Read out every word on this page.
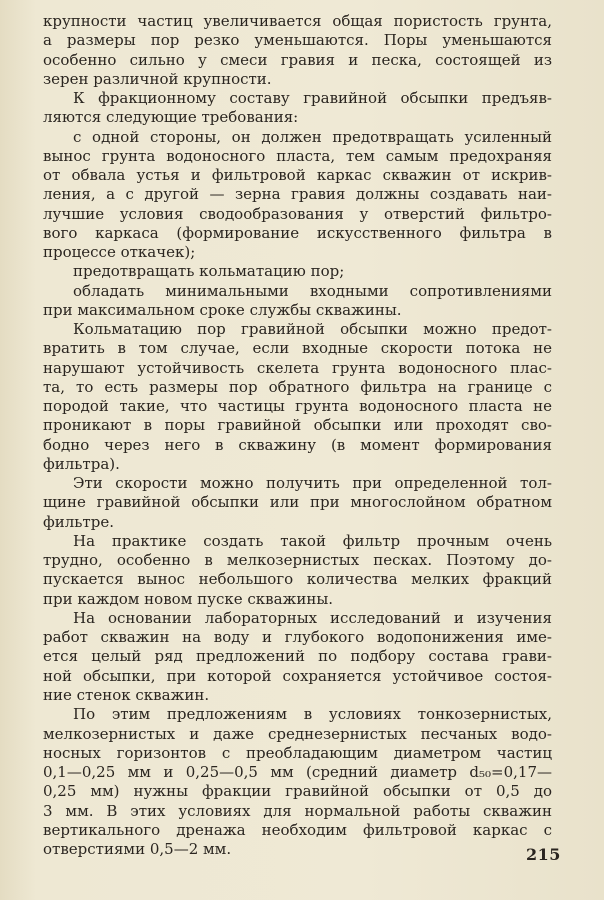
крупности частиц увеличивается общая пористость грунта,
а размеры пор резко уменьшаются. Поры уменьшаются
особенно сильно у смеси гравия и песка, состоящей из
зерен различной крупности.
К фракционному составу гравийной обсыпки предъяв-
ляются следующие требования:
с одной стороны, он должен предотвращать усиленный
вынос грунта водоносного пласта, тем самым предохраняя
от обвала устья и фильтровой каркас скважин от искрив-
ления, а с другой — зерна гравия должны создавать наи-
лучшие условия сводообразования у отверстий фильтро-
вого каркаса (формирование искусственного фильтра в
процессе откачек);
предотвращать кольматацию пор;
обладать минимальными входными сопротивлениями
при максимальном сроке службы скважины.
Кольматацию пор гравийной обсыпки можно предот-
вратить в том случае, если входные скорости потока не
нарушают устойчивость скелета грунта водоносного плас-
та, то есть размеры пор обратного фильтра на границе с
породой такие, что частицы грунта водоносного пласта не
проникают в поры гравийной обсыпки или проходят сво-
бодно через него в скважину (в момент формирования
фильтра).
Эти скорости можно получить при определенной тол-
щине гравийной обсыпки или при многослойном обратном
фильтре.
На практике создать такой фильтр прочным очень
трудно, особенно в мелкозернистых песках. Поэтому до-
пускается вынос небольшого количества мелких фракций
при каждом новом пуске скважины.
На основании лабораторных исследований и изучения
работ скважин на воду и глубокого водопонижения име-
ется целый ряд предложений по подбору состава грави-
ной обсыпки, при которой сохраняется устойчивое состоя-
ние стенок скважин.
По этим предложениям в условиях тонкозернистых,
мелкозернистых и даже среднезернистых песчаных водо-
носных горизонтов с преобладающим диаметром частиц
0,1—0,25 мм и 0,25—0,5 мм (средний диаметр d₅₀=0,17—
0,25 мм) нужны фракции гравийной обсыпки от 0,5 до
3 мм. В этих условиях для нормальной работы скважин
вертикального дренажа необходим фильтровой каркас с
отверстиями 0,5—2 мм.	215
